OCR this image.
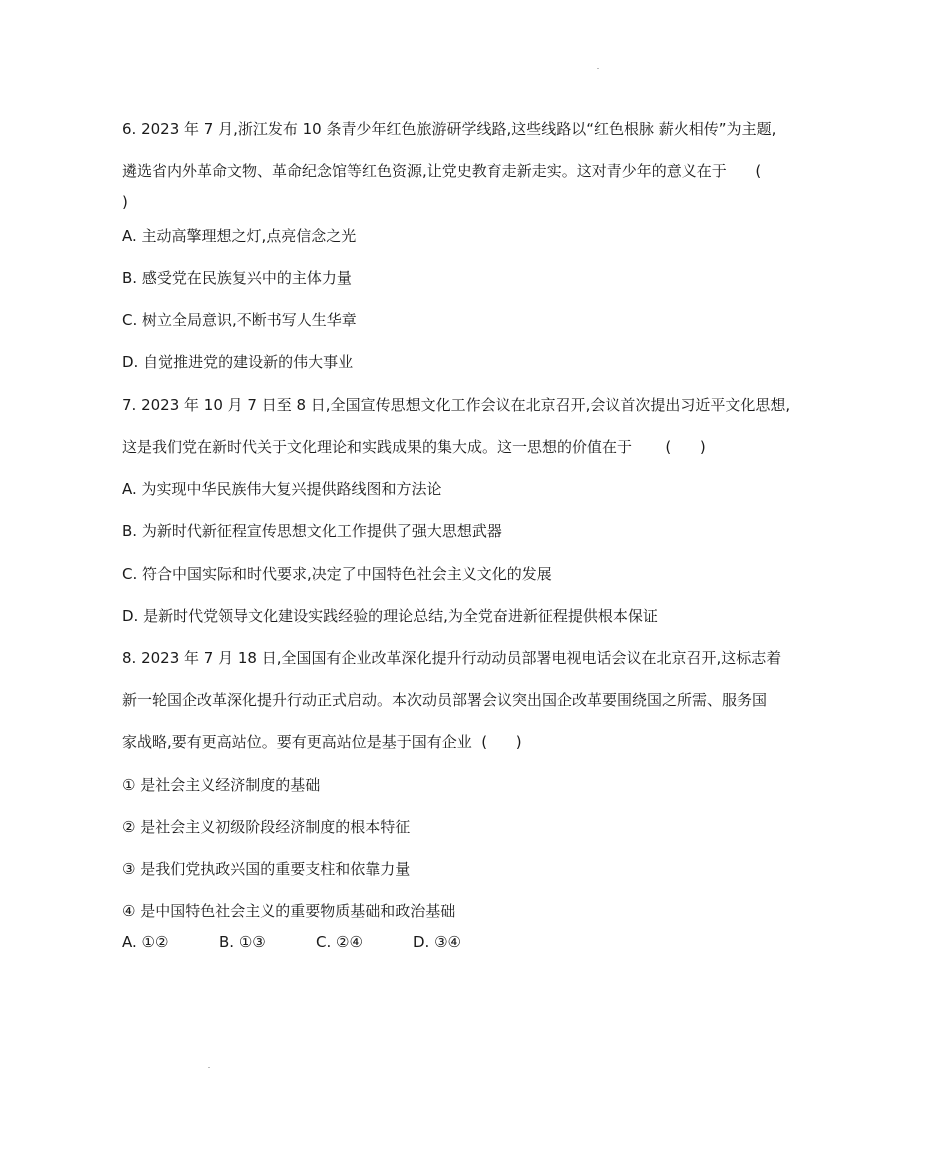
6. 2023 年 7 月,浙江发布 10 条青少年红色旅游研学线路,这些线路以“红色根脉 薪火相传”为主题,
遴选省内外革命文物、革命纪念馆等红色资源,让党史教育走新走实。这对青少年的意义在于      (
)
A. 主动高擎理想之灯,点亮信念之光
B. 感受党在民族复兴中的主体力量
C. 树立全局意识,不断书写人生华章
D. 自觉推进党的建设新的伟大事业
7. 2023 年 10 月 7 日至 8 日,全国宣传思想文化工作会议在北京召开,会议首次提出习近平文化思想,
这是我们党在新时代关于文化理论和实践成果的集大成。这一思想的价值在于       (      )
A. 为实现中华民族伟大复兴提供路线图和方法论
B. 为新时代新征程宣传思想文化工作提供了强大思想武器
C. 符合中国实际和时代要求,决定了中国特色社会主义文化的发展
D. 是新时代党领导文化建设实践经验的理论总结,为全党奋进新征程提供根本保证
8. 2023 年 7 月 18 日,全国国有企业改革深化提升行动动员部署电视电话会议在北京召开,这标志着
新一轮国企改革深化提升行动正式启动。本次动员部署会议突出国企改革要围绕国之所需、服务国
家战略,要有更高站位。要有更高站位是基于国有企业  (      )
① 是社会主义经济制度的基础
② 是社会主义初级阶段经济制度的根本特征
③ 是我们党执政兴国的重要支柱和依靠力量
④ 是中国特色社会主义的重要物质基础和政治基础
A. ①②	B. ①③	C. ②④	D. ③④
